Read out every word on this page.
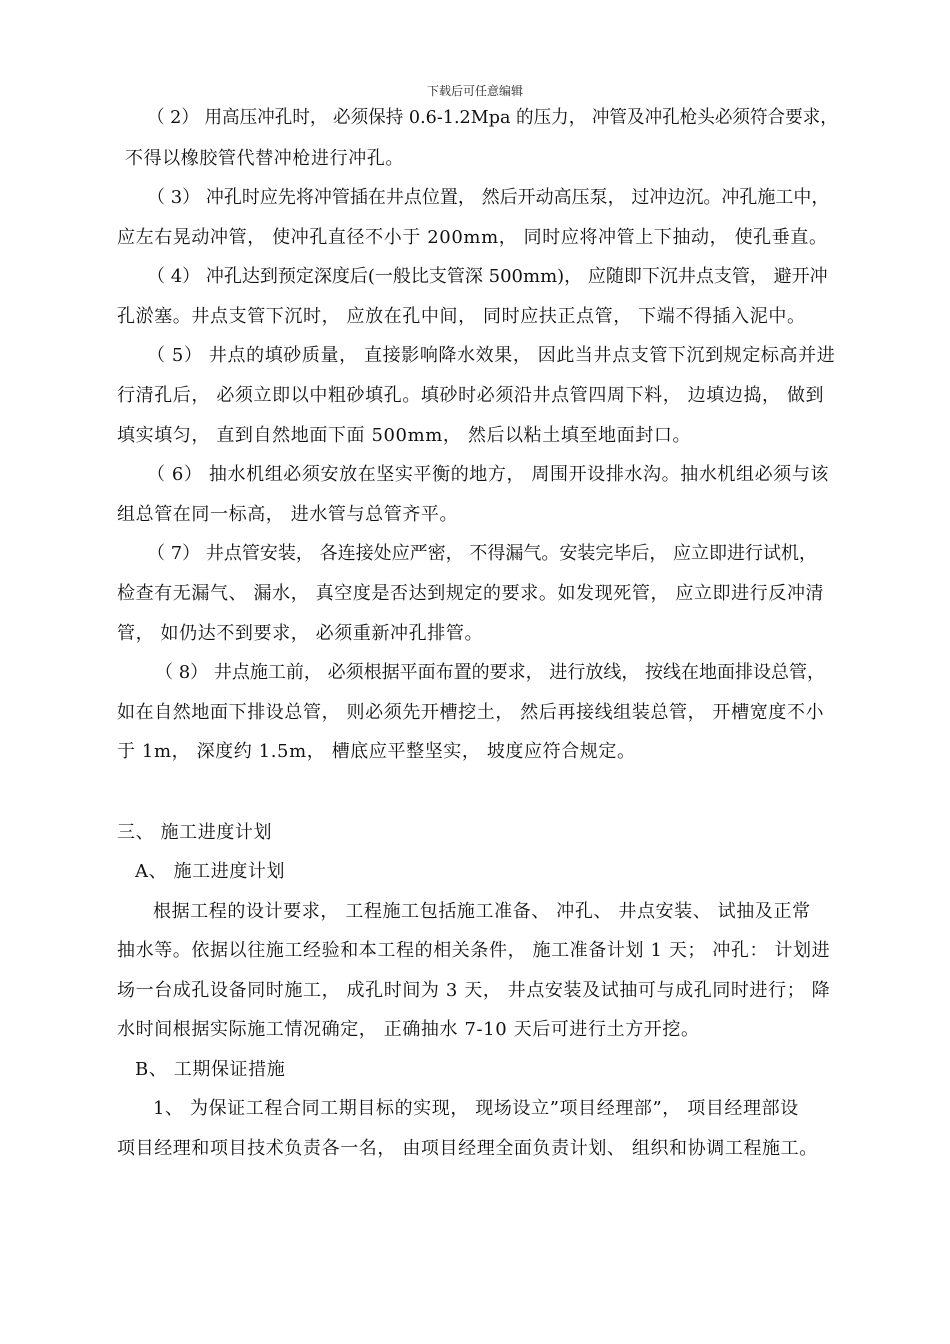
下载后可任意编辑
（ 2） 用高压冲孔时， 必须保持 0.6-1.2Mpa 的压力， 冲管及冲孔枪头必须符合要求，
不得以橡胶管代替冲枪进行冲孔。
（ 3） 冲孔时应先将冲管插在井点位置， 然后开动高压泵， 过冲边沉。冲孔施工中，
应左右晃动冲管， 使冲孔直径不小于 200mm， 同时应将冲管上下抽动， 使孔垂直。
（ 4） 冲孔达到预定深度后(一般比支管深 500mm)， 应随即下沉井点支管， 避开冲
孔淤塞。井点支管下沉时， 应放在孔中间， 同时应扶正点管， 下端不得插入泥中。
（ 5） 井点的填砂质量， 直接影响降水效果， 因此当井点支管下沉到规定标高并进
行清孔后， 必须立即以中粗砂填孔。填砂时必须沿井点管四周下料， 边填边捣， 做到
填实填匀， 直到自然地面下面 500mm， 然后以粘土填至地面封口。
（ 6） 抽水机组必须安放在坚实平衡的地方， 周围开设排水沟。抽水机组必须与该
组总管在同一标高， 进水管与总管齐平。
（ 7） 井点管安装， 各连接处应严密， 不得漏气。安装完毕后， 应立即进行试机，
检查有无漏气、 漏水， 真空度是否达到规定的要求。如发现死管， 应立即进行反冲清
管， 如仍达不到要求， 必须重新冲孔排管。
（ 8） 井点施工前， 必须根据平面布置的要求， 进行放线， 按线在地面排设总管，
如在自然地面下排设总管， 则必须先开槽挖土， 然后再接线组装总管， 开槽宽度不小
于 1m， 深度约 1.5m， 槽底应平整坚实， 坡度应符合规定。
三、 施工进度计划
A、 施工进度计划
根据工程的设计要求， 工程施工包括施工准备、 冲孔、 井点安装、 试抽及正常
抽水等。依据以往施工经验和本工程的相关条件， 施工准备计划 1 天； 冲孔： 计划进
场一台成孔设备同时施工， 成孔时间为 3 天， 井点安装及试抽可与成孔同时进行； 降
水时间根据实际施工情况确定， 正确抽水 7-10 天后可进行土方开挖。
B、 工期保证措施
1、 为保证工程合同工期目标的实现， 现场设立”项目经理部”， 项目经理部设
项目经理和项目技术负责各一名， 由项目经理全面负责计划、 组织和协调工程施工。
